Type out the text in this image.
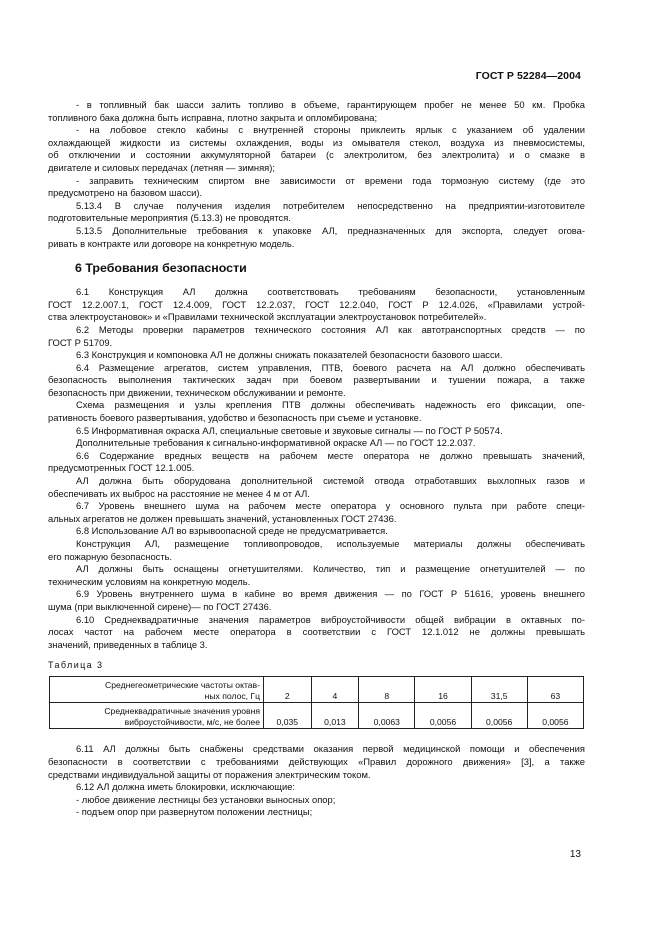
ГОСТ Р 52284—2004
- в топливный бак шасси залить топливо в объеме, гарантирующем пробег не менее 50 км. Пробка
топливного бака должна быть исправна, плотно закрыта и опломбирована;
- на лобовое стекло кабины с внутренней стороны приклеить ярлык с указанием об удалении
охлаждающей жидкости из системы охлаждения, воды из омывателя стекол, воздуха из пневмосистемы,
об отключении и состоянии аккумуляторной батареи (с электролитом, без электролита) и о смазке в
двигателе и силовых передачах (летняя — зимняя);
- заправить техническим спиртом вне зависимости от времени года тормозную систему (где это
предусмотрено на базовом шасси).
5.13.4 В случае получения изделия потребителем непосредственно на предприятии-изготовителе
подготовительные мероприятия (5.13.3) не проводятся.
5.13.5 Дополнительные требования к упаковке АЛ, предназначенных для экспорта, следует огова-
ривать в контракте или договоре на конкретную модель.
6 Требования безопасности
6.1 Конструкция АЛ должна соответствовать требованиям безопасности, установленным
ГОСТ 12.2.007.1, ГОСТ 12.4.009, ГОСТ 12.2.037, ГОСТ 12.2.040, ГОСТ Р 12.4.026, «Правилами устрой-
ства электроустановок» и «Правилами технической эксплуатации электроустановок потребителей».
6.2 Методы проверки параметров технического состояния АЛ как автотранспортных средств — по
ГОСТ Р 51709.
6.3 Конструкция и компоновка АЛ не должны снижать показателей безопасности базового шасси.
6.4 Размещение агрегатов, систем управления, ПТВ, боевого расчета на АЛ должно обеспечивать
безопасность выполнения тактических задач при боевом развертывании и тушении пожара, а также
безопасность при движении, техническом обслуживании и ремонте.
Схема размещения и узлы крепления ПТВ должны обеспечивать надежность его фиксации, опе-
ративность боевого развертывания, удобство и безопасность при съеме и установке.
6.5 Информативная окраска АЛ, специальные световые и звуковые сигналы — по ГОСТ Р 50574.
Дополнительные требования к сигнально-информативной окраске АЛ — по ГОСТ 12.2.037.
6.6 Содержание вредных веществ на рабочем месте оператора не должно превышать значений,
предусмотренных ГОСТ 12.1.005.
АЛ должна быть оборудована дополнительной системой отвода отработавших выхлопных газов и
обеспечивать их выброс на расстояние не менее 4 м от АЛ.
6.7 Уровень внешнего шума на рабочем месте оператора у основного пульта при работе специ-
альных агрегатов не должен превышать значений, установленных ГОСТ 27436.
6.8 Использование АЛ во взрывоопасной среде не предусматривается.
Конструкция АЛ, размещение топливопроводов, используемые материалы должны обеспечивать
его пожарную безопасность.
АЛ должны быть оснащены огнетушителями. Количество, тип и размещение огнетушителей — по
техническим условиям на конкретную модель.
6.9 Уровень внутреннего шума в кабине во время движения — по ГОСТ Р 51616, уровень внешнего
шума (при выключенной сирене)— по ГОСТ 27436.
6.10 Среднеквадратичные значения параметров виброустойчивости общей вибрации в октавных по-
лосах частот на рабочем месте оператора в соответствии с ГОСТ 12.1.012 не должны превышать
значений, приведенных в таблице 3.
Таблица 3
Среднегеометрические частоты октав-
ных полос, Гц	2	4	8	16	31,5	63
Среднеквадратичные значения уровня
виброустойчивости, м/с, не более	0,035	0,013	0,0063	0,0056	0,0056	0,0056
6.11 АЛ должны быть снабжены средствами оказания первой медицинской помощи и обеспечения
безопасности в соответствии с требованиями действующих «Правил дорожного движения» [3], а также
средствами индивидуальной защиты от поражения электрическим током.
6.12 АЛ должна иметь блокировки, исключающие:
- любое движение лестницы без установки выносных опор;
- подъем опор при развернутом положении лестницы;
13
